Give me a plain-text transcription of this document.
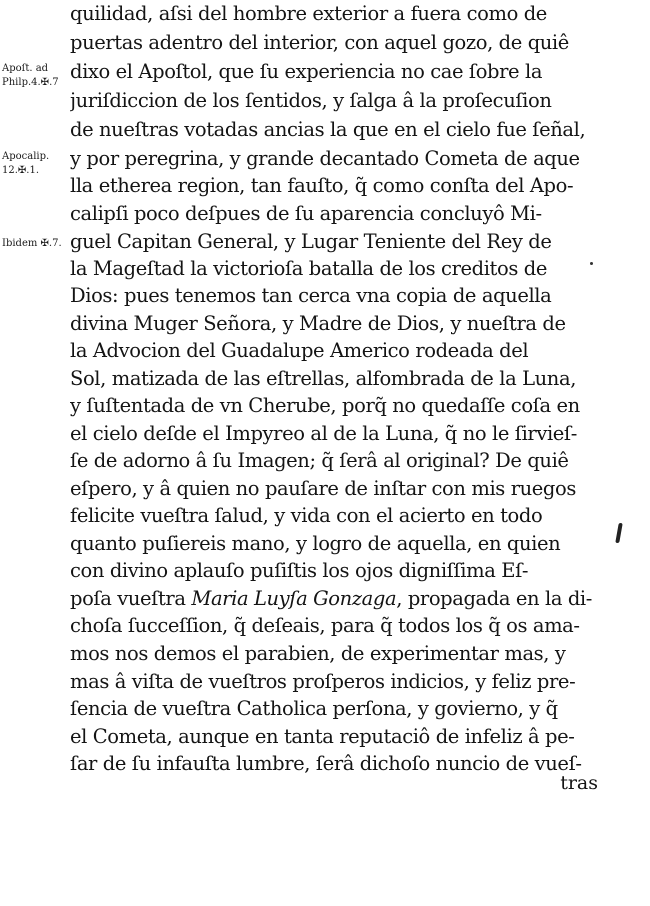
Apoſt. ad
Philp.4.✠.7
Apocalip.
12.✠.1.
Ibidem ✠.7.
quilidad, aſsi del hombre exterior a fuera como de
puertas adentro del interior, con aquel gozo, de quiê
dixo el Apoſtol, que ſu experiencia no cae ſobre la
juriſdiccion de los ſentidos, y ſalga â la proſecuſion
de nueſtras votadas ancias la que en el cielo fue ſeñal,
y por peregrina, y grande decantado Cometa de aque
lla etherea region, tan fauſto, q̃ como conſta del Apo-
calipſi poco deſpues de ſu aparencia concluyô Mi-
guel Capitan General, y Lugar Teniente del Rey de
la Mageſtad la victorioſa batalla de los creditos de
Dios: pues tenemos tan cerca vna copia de aquella
divina Muger Señora, y Madre de Dios, y nueſtra de
la Advocion del Guadalupe Americo rodeada del
Sol, matizada de las eſtrellas, alfombrada de la Luna,
y ſuſtentada de vn Cherube, porq̃ no quedaſſe coſa en
el cielo deſde el Impyreo al de la Luna, q̃ no le ſirvieſ-
ſe de adorno â ſu Imagen; q̃ ſerâ al original? De quiê
eſpero, y â quien no pauſare de inſtar con mis ruegos
felicite vueſtra ſalud, y vida con el acierto en todo
quanto puſiereis mano, y logro de aquella, en quien
con divino aplauſo puſiſtis los ojos digniſſima Eſ-
poſa vueſtra Maria Luyſa Gonzaga, propagada en la di-
choſa ſucceſſion, q̃ deſeais, para q̃ todos los q̃ os ama-
mos nos demos el parabien, de experimentar mas, y
mas â viſta de vueſtros proſperos indicios, y feliz pre-
ſencia de vueſtra Catholica perſona, y govierno, y q̃
el Cometa, aunque en tanta reputaciô de infeliz â pe-
ſar de ſu infauſta lumbre, ſerâ dichoſo nuncio de vueſ-
tras
